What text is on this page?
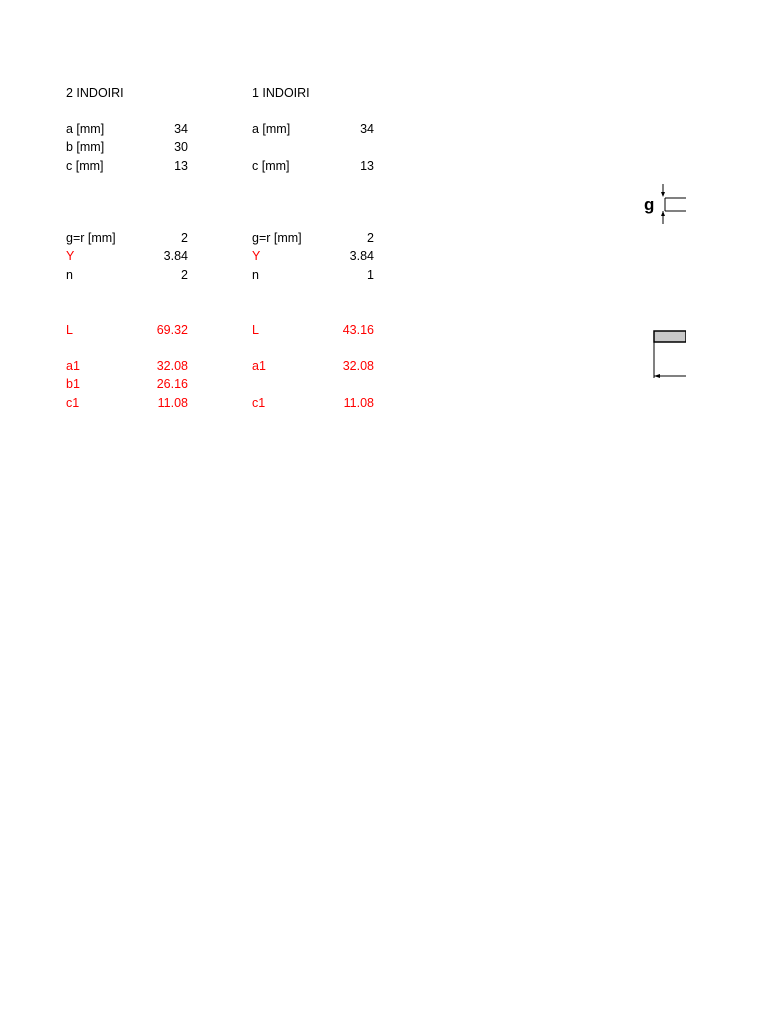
2 INDOIRI
a [mm]	34
b [mm]	30
c [mm]	13
g=r [mm]	2
Y	3.84
n	2
L	69.32
a1	32.08
b1	26.16
c1	11.08
1 INDOIRI
a [mm]	34
c [mm]	13
g=r [mm]	2
Y	3.84
n	1
L	43.16
a1	32.08
c1	11.08
g
